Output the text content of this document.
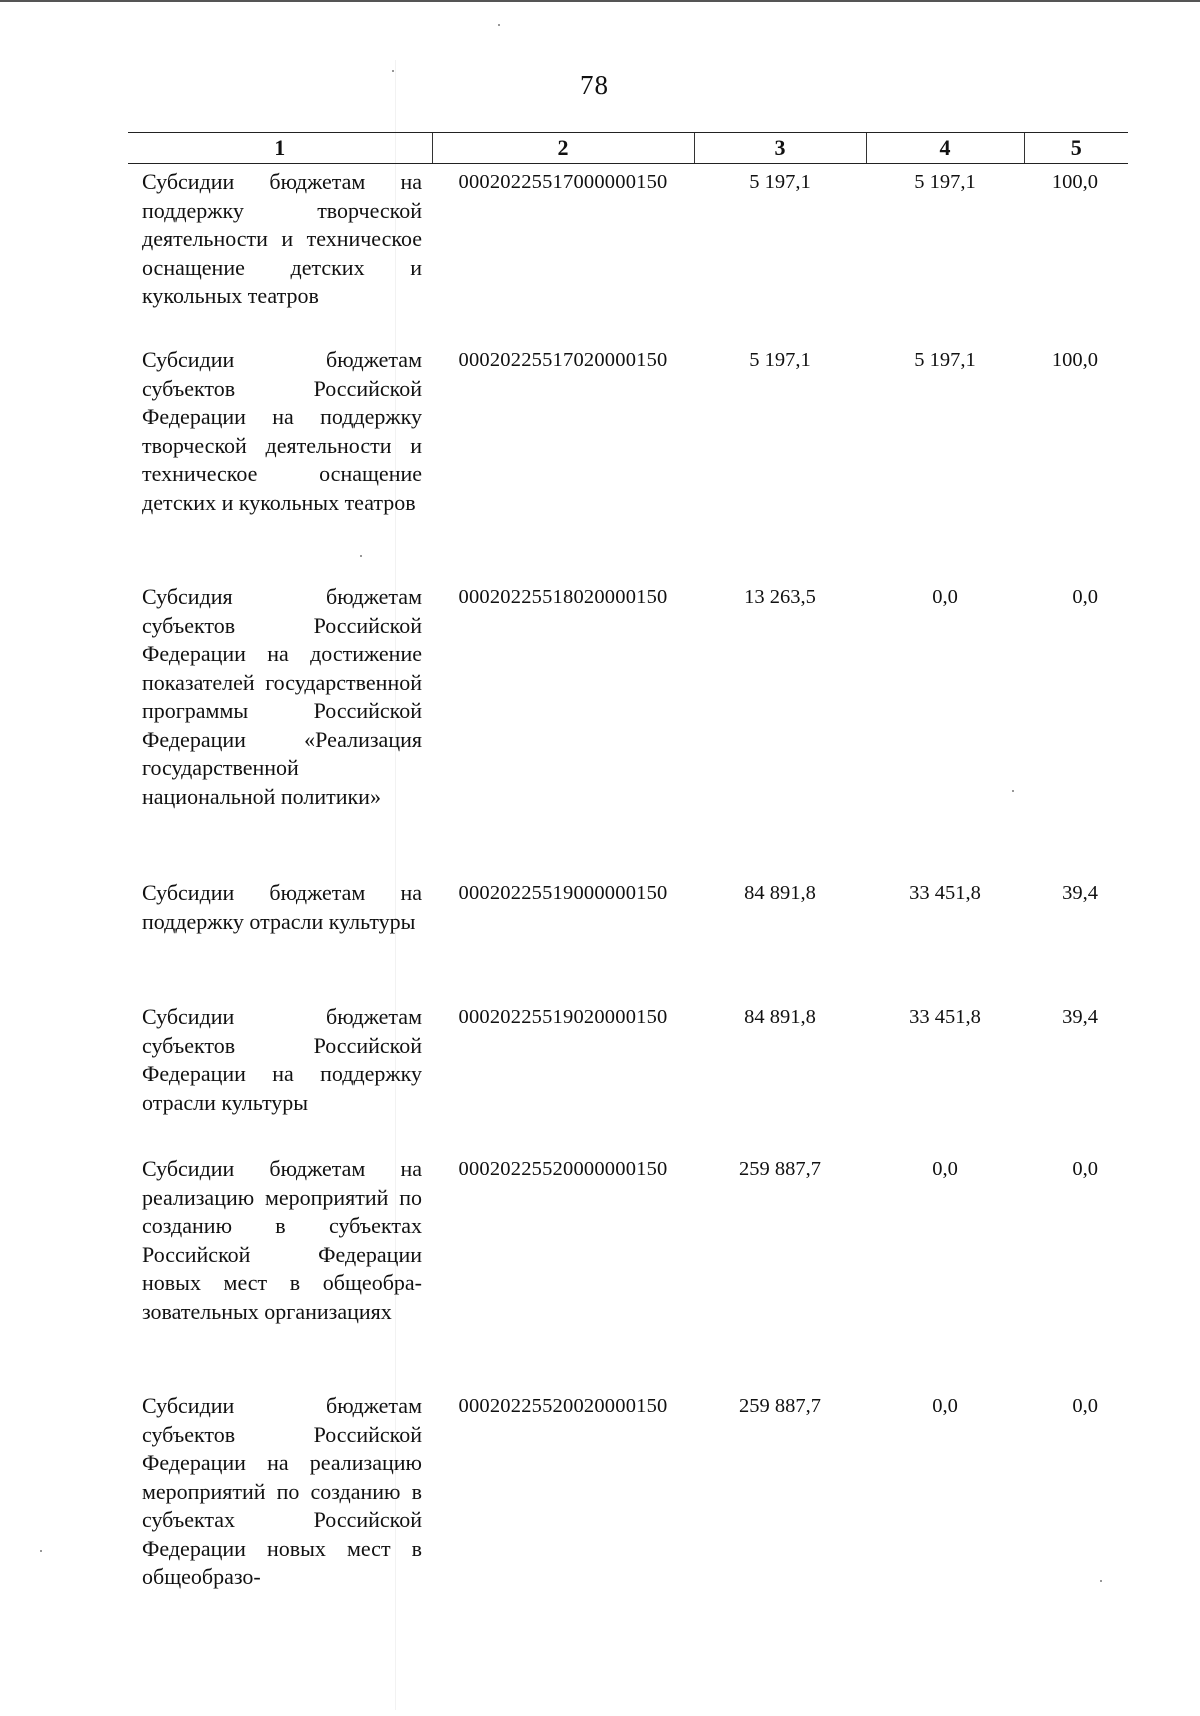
78
1	2	3	4	5
Субсидии бюджетам на поддержку творческой деятельности и техническое оснащение детских и кукольных театров	00020225517000000150	5 197,1	5 197,1	100,0
Субсидии бюджетам субъектов Российской Федерации на поддержку творческой деятельности и техническое оснащение детских и кукольных театров	00020225517020000150	5 197,1	5 197,1	100,0
Субсидия бюджетам субъектов Российской Федерации на достижение показателей государственной программы Российской Федерации «Реализация государственной национальной политики»	00020225518020000150	13 263,5	0,0	0,0
Субсидии бюджетам на поддержку отрасли культуры	00020225519000000150	84 891,8	33 451,8	39,4
Субсидии бюджетам субъектов Российской Федерации на поддержку отрасли культуры	00020225519020000150	84 891,8	33 451,8	39,4
Субсидии бюджетам на реализацию мероприятий по созданию в субъектах Российской Федерации новых мест в общеобразовательных организациях	00020225520000000150	259 887,7	0,0	0,0
Субсидии бюджетам субъектов Российской Федерации на реализацию мероприятий по созданию в субъектах Российской Федерации новых мест в общеобразо-	00020225520020000150	259 887,7	0,0	0,0
